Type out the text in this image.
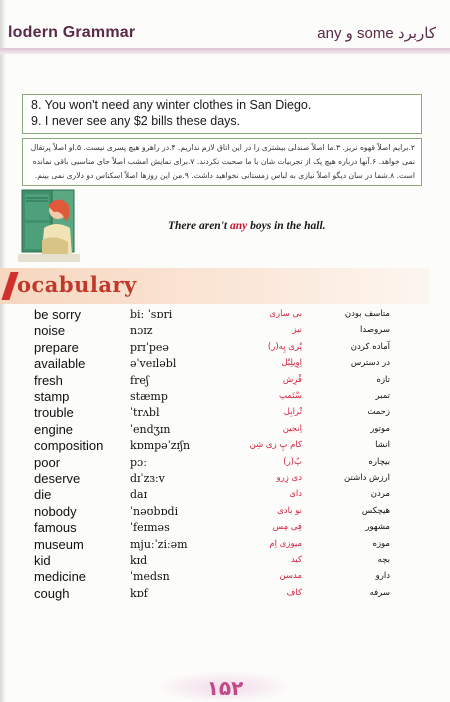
lodern Grammar	any و some کاربرد
8. You won't need any winter clothes in San Diego.
9. I never see any $2 bills these days.
۲.برایم اصلاً قهوه نریز. ۳.ما اصلاً صندلی بیشتری را در این اتاق لازم نداریم. ۴.در راهرو هیچ پسری نیست. ۵.او اصلاً پرتقال
نمی خواهد. ۶.آنها درباره هیچ یک از تجربیات شان با ما صحبت نکردند. ۷.برای نمایش امشب اصلاً جای مناسبی باقی نمانده
است. ۸.شما در سان دیگو اصلاً نیازی به لباس زمستانی نخواهید داشت. ۹.من این روزها اصلاً اسکناس دو دلاری نمی بینم.
There aren't any boys in the hall.
ocabulary
be sorry	bi: ˈsɒri	بی ساری	متاسف بودن
noise	nɔɪz	نیز	سروصدا
prepare	prɪˈpeə	پْری پِه(ر)	آماده کردن
available	əˈveɪləbl	اِوِیلِبْل	در دسترس
fresh	freʃ	فْرِش	تازه
stamp	stæmp	سْتَمپ	تمبر
trouble	ˈtrʌbl	تْرابِل	زحمت
engine	ˈendʒɪn	اِنجین	موتور
composition kɒmpəˈzɪʃn	کام پِ زی شِن	انشا
poor	pɔː	پُ(ر)	بیچاره
deserve	dɪˈzɜːv	دی زِرو	ارزش داشتن
die	daɪ	دای	مردن
nobody	ˈnəʊbɒdi	نو بادی	هیچکس
famous	ˈfeɪməs	فِی مِس	مشهور
museum	mjuːˈziːəm	میوزی اِم	موزه
kid	kɪd	کید	بچه
medicine	ˈmedsn	مدسن	دارو
cough	kɒf	کاف	سرفه
۱۵۲
